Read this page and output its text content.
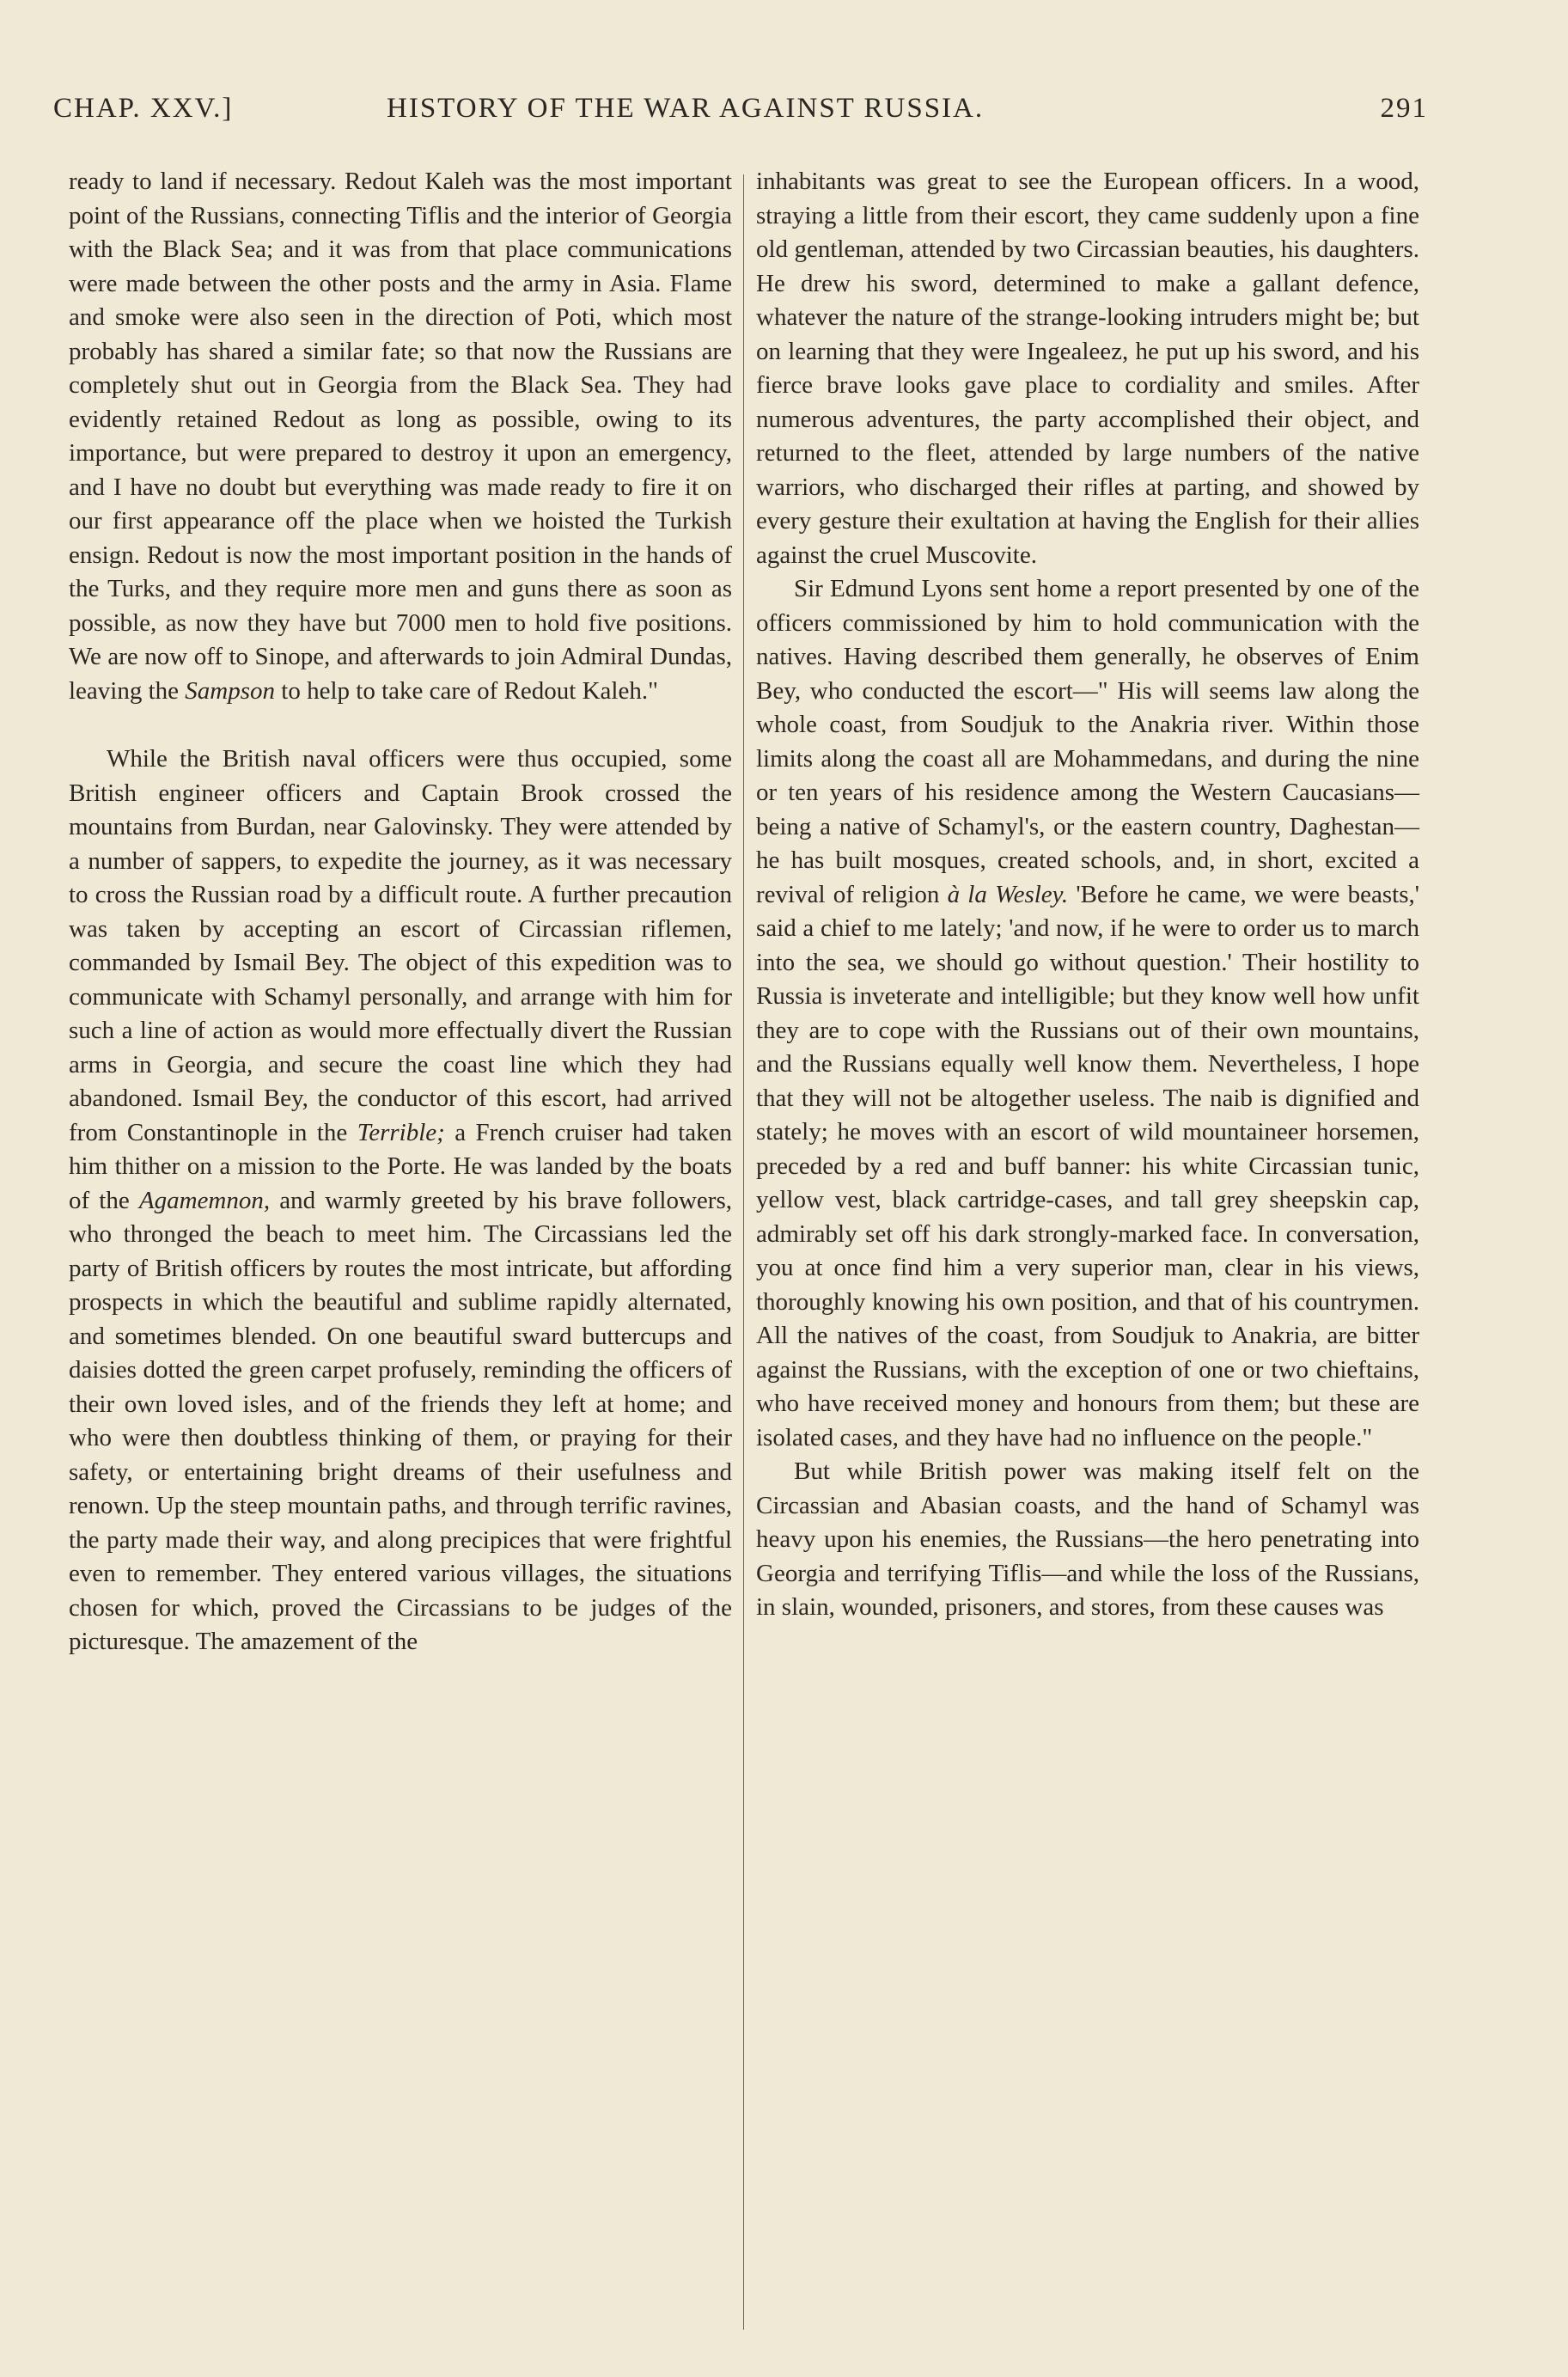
CHAP. XXV.]	HISTORY OF THE WAR AGAINST RUSSIA.	291

ready to land if necessary. Redout Kaleh was the most important point of the Russians, connecting Tiflis and the interior of Georgia with the Black Sea; and it was from that place communications were made between the other posts and the army in Asia. Flame and smoke were also seen in the direction of Poti, which most probably has shared a similar fate; so that now the Russians are completely shut out in Georgia from the Black Sea. They had evidently retained Redout as long as possible, owing to its importance, but were prepared to destroy it upon an emergency, and I have no doubt but everything was made ready to fire it on our first appearance off the place when we hoisted the Turkish ensign. Redout is now the most important position in the hands of the Turks, and they require more men and guns there as soon as possible, as now they have but 7000 men to hold five positions. We are now off to Sinope, and afterwards to join Admiral Dundas, leaving the Sampson to help to take care of Redout Kaleh."

While the British naval officers were thus occupied, some British engineer officers and Captain Brook crossed the mountains from Burdan, near Galovinsky. They were attended by a number of sappers, to expedite the journey, as it was necessary to cross the Russian road by a difficult route. A further precaution was taken by accepting an escort of Circassian riflemen, commanded by Ismail Bey. The object of this expedition was to communicate with Schamyl personally, and arrange with him for such a line of action as would more effectually divert the Russian arms in Georgia, and secure the coast line which they had abandoned. Ismail Bey, the conductor of this escort, had arrived from Constantinople in the Terrible; a French cruiser had taken him thither on a mission to the Porte. He was landed by the boats of the Agamemnon, and warmly greeted by his brave followers, who thronged the beach to meet him. The Circassians led the party of British officers by routes the most intricate, but affording prospects in which the beautiful and sublime rapidly alternated, and sometimes blended. On one beautiful sward buttercups and daisies dotted the green carpet profusely, reminding the officers of their own loved isles, and of the friends they left at home; and who were then doubtless thinking of them, or praying for their safety, or entertaining bright dreams of their usefulness and renown. Up the steep mountain paths, and through terrific ravines, the party made their way, and along precipices that were frightful even to remember. They entered various villages, the situations chosen for which, proved the Circassians to be judges of the picturesque. The amazement of the

inhabitants was great to see the European officers. In a wood, straying a little from their escort, they came suddenly upon a fine old gentleman, attended by two Circassian beauties, his daughters. He drew his sword, determined to make a gallant defence, whatever the nature of the strange-looking intruders might be; but on learning that they were Ingealeez, he put up his sword, and his fierce brave looks gave place to cordiality and smiles. After numerous adventures, the party accomplished their object, and returned to the fleet, attended by large numbers of the native warriors, who discharged their rifles at parting, and showed by every gesture their exultation at having the English for their allies against the cruel Muscovite.

Sir Edmund Lyons sent home a report presented by one of the officers commissioned by him to hold communication with the natives. Having described them generally, he observes of Enim Bey, who conducted the escort—" His will seems law along the whole coast, from Soudjuk to the Anakria river. Within those limits along the coast all are Mohammedans, and during the nine or ten years of his residence among the Western Caucasians—being a native of Schamyl's, or the eastern country, Daghestan—he has built mosques, created schools, and, in short, excited a revival of religion à la Wesley. 'Before he came, we were beasts,' said a chief to me lately; 'and now, if he were to order us to march into the sea, we should go without question.' Their hostility to Russia is inveterate and intelligible; but they know well how unfit they are to cope with the Russians out of their own mountains, and the Russians equally well know them. Nevertheless, I hope that they will not be altogether useless. The naib is dignified and stately; he moves with an escort of wild mountaineer horsemen, preceded by a red and buff banner: his white Circassian tunic, yellow vest, black cartridge-cases, and tall grey sheepskin cap, admirably set off his dark strongly-marked face. In conversation, you at once find him a very superior man, clear in his views, thoroughly knowing his own position, and that of his countrymen. All the natives of the coast, from Soudjuk to Anakria, are bitter against the Russians, with the exception of one or two chieftains, who have received money and honours from them; but these are isolated cases, and they have had no influence on the people."

But while British power was making itself felt on the Circassian and Abasian coasts, and the hand of Schamyl was heavy upon his enemies, the Russians—the hero penetrating into Georgia and terrifying Tiflis—and while the loss of the Russians, in slain, wounded, prisoners, and stores, from these causes was
